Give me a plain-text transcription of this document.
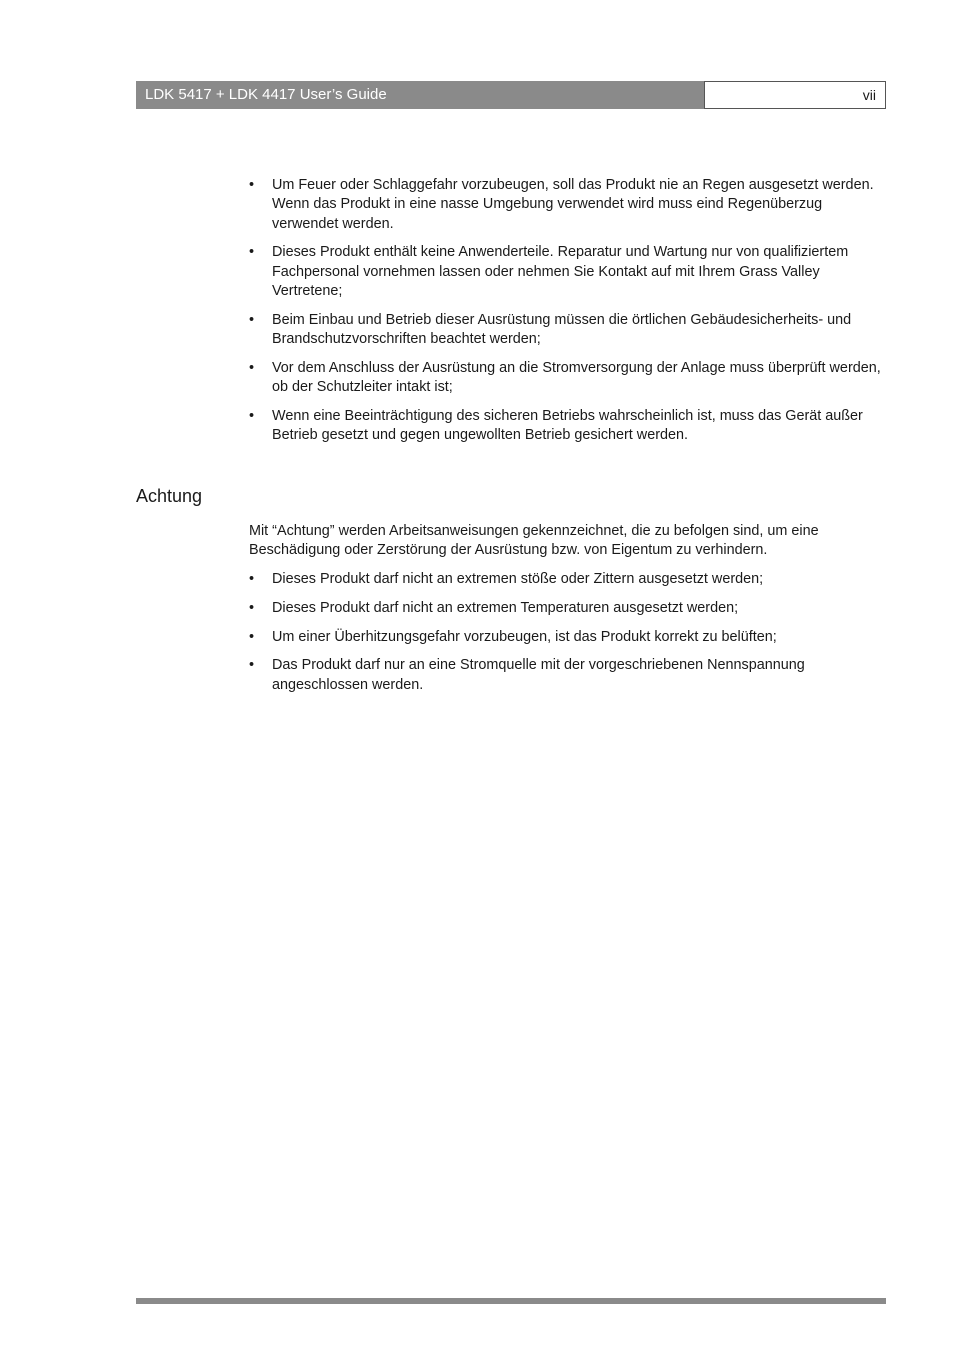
LDK 5417 + LDK 4417 User’s Guide	vii
• Um Feuer oder Schlaggefahr vorzubeugen, soll das Produkt nie an Regen ausgesetzt werden. Wenn das Produkt in eine nasse Umgebung verwendet wird muss eind Regenüberzug verwendet werden.
• Dieses Produkt enthält keine Anwenderteile. Reparatur und Wartung nur von qualifiziertem Fachpersonal vornehmen lassen oder nehmen Sie Kontakt auf mit Ihrem Grass Valley Vertretene;
• Beim Einbau und Betrieb dieser Ausrüstung müssen die örtlichen Gebäudesicherheits- und Brandschutzvorschriften beachtet werden;
• Vor dem Anschluss der Ausrüstung an die Stromversorgung der Anlage muss überprüft werden, ob der Schutzleiter intakt ist;
• Wenn eine Beeinträchtigung des sicheren Betriebs wahrscheinlich ist, muss das Gerät außer Betrieb gesetzt und gegen ungewollten Betrieb gesichert werden.
Achtung

Mit “Achtung” werden Arbeitsanweisungen gekennzeichnet, die zu befolgen sind, um eine Beschädigung oder Zerstörung der Ausrüstung bzw. von Eigentum zu verhindern.

• Dieses Produkt darf nicht an extremen stöße oder Zittern ausgesetzt werden;
• Dieses Produkt darf nicht an extremen Temperaturen ausgesetzt werden;
• Um einer Überhitzungsgefahr vorzubeugen, ist das Produkt korrekt zu belüften;
• Das Produkt darf nur an eine Stromquelle mit der vorgeschriebenen Nennspannung angeschlossen werden.
